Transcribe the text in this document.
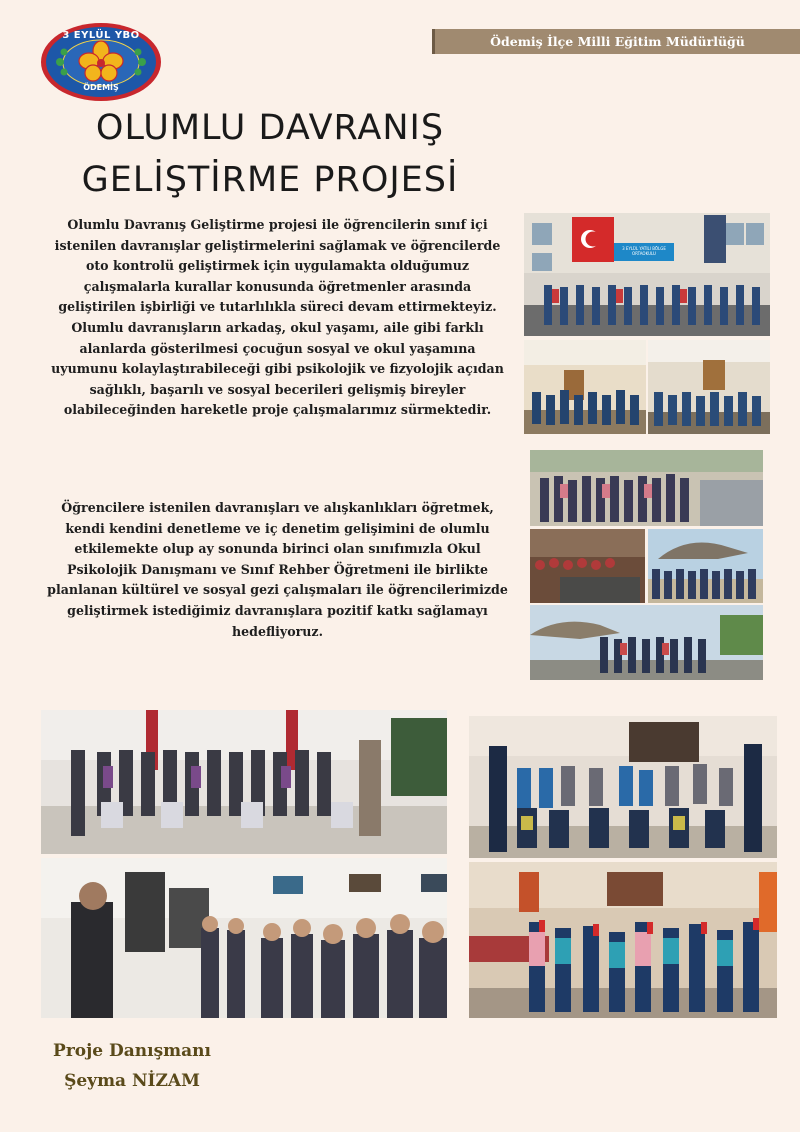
Ödemiş İlçe Milli Eğitim Müdürlüğü
3 EYLÜL YBO
ÖDEMİŞ
OLUMLU DAVRANIŞ
GELİŞTİRME PROJESİ
Olumlu Davranış Geliştirme projesi ile öğrencilerin sınıf içi istenilen davranışlar geliştirmelerini sağlamak ve öğrencilerde oto kontrolü geliştirmek için uygulamakta olduğumuz çalışmalarla kurallar konusunda öğretmenler arasında geliştirilen işbirliği ve tutarlılıkla süreci devam ettirmekteyiz.
Olumlu davranışların arkadaş, okul yaşamı, aile gibi farklı alanlarda gösterilmesi çocuğun sosyal ve okul yaşamına uyumunu kolaylaştırabileceği gibi psikolojik ve fizyolojik açıdan sağlıklı, başarılı ve sosyal becerileri gelişmiş bireyler olabileceğinden hareketle proje çalışmalarımız sürmektedir.
Öğrencilere istenilen davranışları ve alışkanlıkları öğretmek, kendi kendini denetleme ve iç denetim gelişimini de olumlu etkilemekte olup ay sonunda birinci olan sınıfımızla Okul Psikolojik Danışmanı ve Sınıf Rehber Öğretmeni ile birlikte planlanan kültürel ve sosyal gezi çalışmaları ile öğrencilerimizde geliştirmek istediğimiz davranışlara pozitif katkı sağlamayı hedefliyoruz.
3 EYLÜL YATILI BÖLGE
ORTAOKULU
Proje Danışmanı
Şeyma NİZAM
